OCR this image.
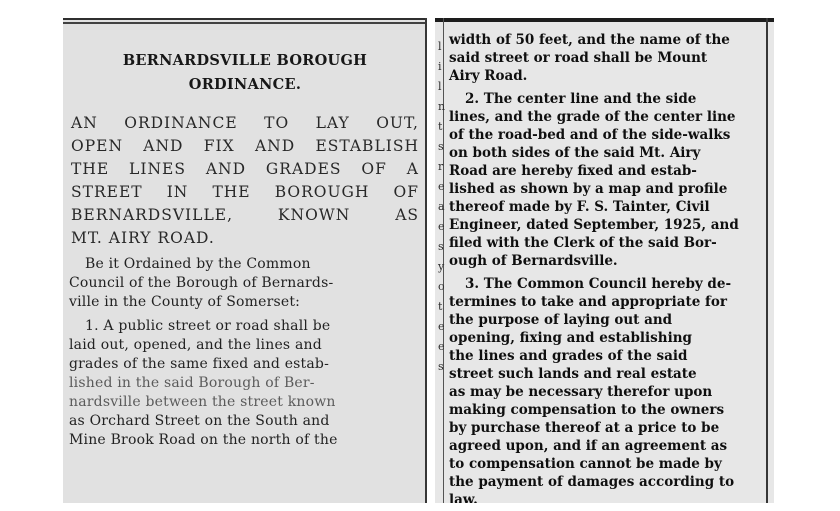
BERNARDSVILLE BOROUGH
ORDINANCE.
AN ORDINANCE TO LAY OUT,
OPEN AND FIX AND ESTABLISH
THE LINES AND GRADES OF A
STREET IN THE BOROUGH OF
BERNARDSVILLE,	KNOWN	AS
MT. AIRY ROAD.
Be it Ordained by the Common
Council of the Borough of Bernards-
ville in the County of Somerset:
1. A public street or road shall be
laid out, opened, and the lines and
grades of the same fixed and estab-
lished in the said Borough of Ber-
nardsville between the street known
as Orchard Street on the South and
Mine Brook Road on the north of the
l
i
l
n
t
s
r
e
a
e
s
y
o
t
e
e
s
width of 50 feet, and the name of the
said street or road shall be Mount
Airy Road.
2. The center line and the side
lines, and the grade of the center line
of the road-bed and of the side-walks
on both sides of the said Mt. Airy
Road are hereby fixed and estab-
lished as shown by a map and profile
thereof made by F. S. Tainter, Civil
Engineer, dated September, 1925, and
filed with the Clerk of the said Bor-
ough of Bernardsville.
3. The Common Council hereby de-
termines to take and appropriate for
the purpose of laying out and
opening, fixing and establishing
the lines and grades of the said
street such lands and real estate
as may be necessary therefor upon
making compensation to the owners
by purchase thereof at a price to be
agreed upon, and if an agreement as
to compensation cannot be made by
the payment of damages according to
law.
